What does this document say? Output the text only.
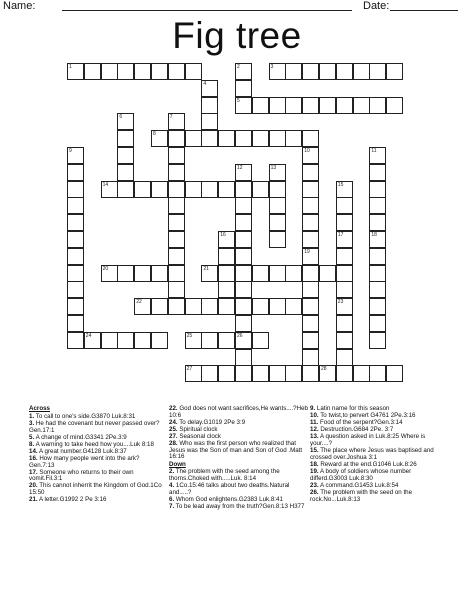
Name:	Date:
Fig tree
1	3
5
8
14
21
20
22
24	25	26
27	28
2
4
6	7
9	10
19
11
18
12	13
15
16	17
23
Across
1. To call to one's side.G3870 Luk.8:31
3. He had the covenant but never passed over?Gen.17:1
5. A change of mind.G3341 2Pe.3:9
8. A warning to take heed how you....Luk 8:18
14. A great number.G4128 Luk.8:37
16. How many people went into the ark?Gen.7:13
17. Someone who returns to their own vomit.Fil.3:1
20. This cannot inherrit the Kingdom of God.1Co 15:50
21. A letter.G1992 2 Pe 3:16
22. God does not want sacrifices,He wants....?Heb 10:6
24. To delay.G1019 2Pe 3:9
25. Spiritual clock
27. Seasonal clock
28. Who was the first person who realized that Jesus was the Son of man and Son of God .Matt 16:16
Down
2. The problem with the seed among the thorns.Choked with.....Luk. 8:14
4. 1Co.15:46 talks about two deaths.Natural and.....?
6. Whom God enlightens.G2383 Luk.8:41
7. To be lead away from the truth?Gen.8:13 H377
9. Latin name for this season
10. To twist,to pervert G4761 2Pe.3:16
11. Food of the serpent?Gen.3:14
12. Destruction.G684 2Pe. 3:7
13. A question asked in Luk.8:25 Where is your....?
15. The place where Jesus was baptised and crossed over.Joshua 3:1
18. Reward at the end.G1046 Luk.8:26
19. A body of soldiers whose number differd.G3003 Luk.8:30
23. A command.G1453 Luk.8:54
26. The problem with the seed on the rock.No...Luk.8:13
